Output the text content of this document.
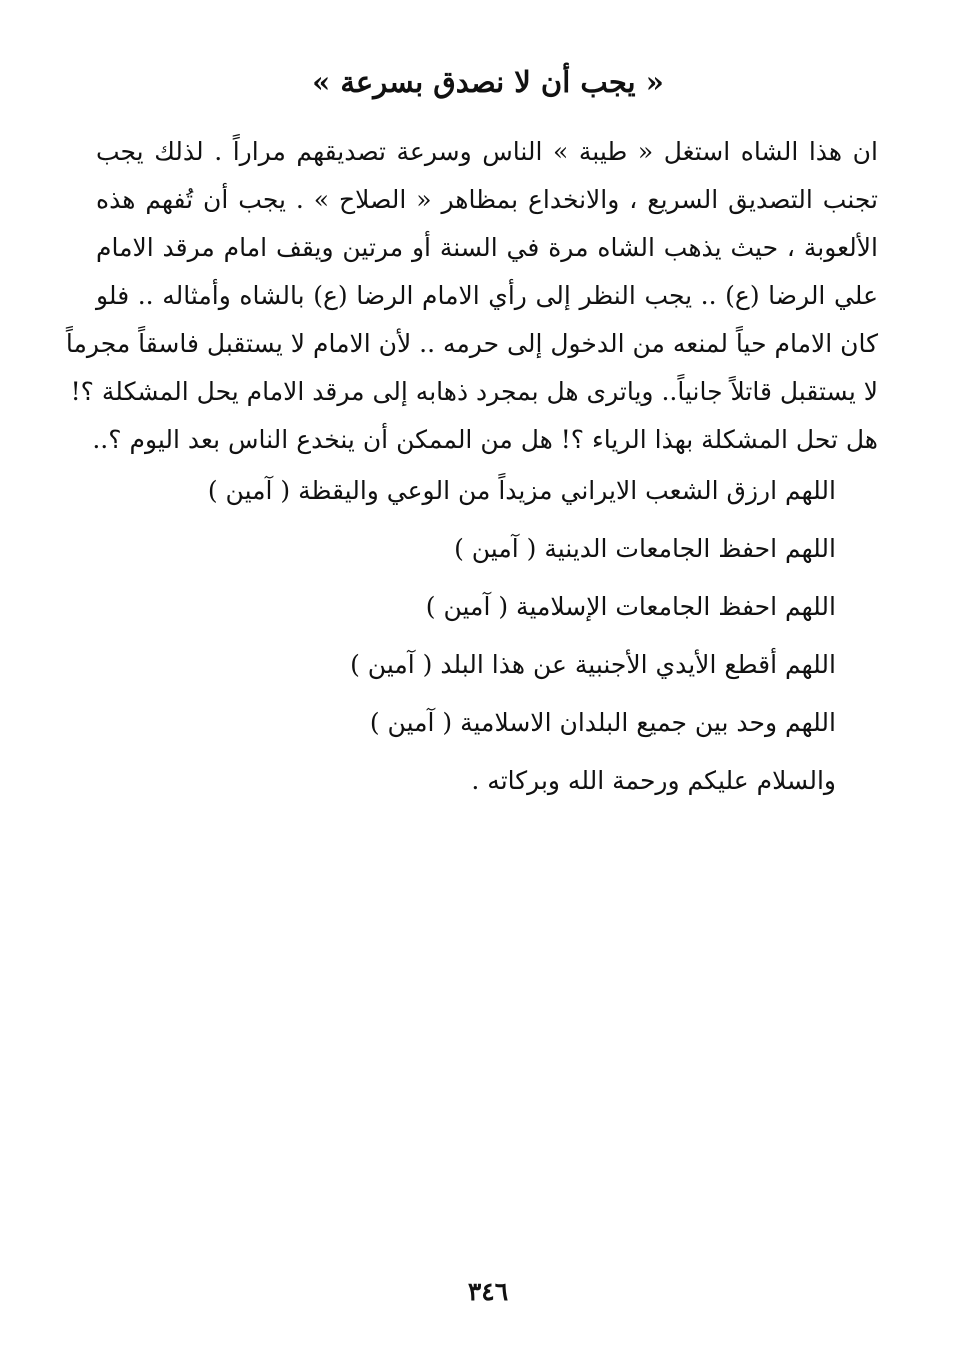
« يجب أن لا نصدق بسرعة »
ان هذا الشاه استغل « طيبة » الناس وسرعة تصديقهم مراراً . لذلك يجب
تجنب التصديق السريع ، والانخداع بمظاهر « الصلاح » . يجب أن تُفهم هذه
الألعوبة ، حيث يذهب الشاه مرة في السنة أو مرتين ويقف امام مرقد الامام
علي الرضا (ع) .. يجب النظر إلى رأي الامام الرضا (ع) بالشاه وأمثاله .. فلو
كان الامام حياً لمنعه من الدخول إلى حرمه .. لأن الامام لا يستقبل فاسقاً مجرماً
لا يستقبل قاتلاً جانياً.. وياترى هل بمجرد ذهابه إلى مرقد الامام يحل المشكلة ؟!
هل تحل المشكلة بهذا الرياء ؟! هل من الممكن أن ينخدع الناس بعد اليوم ؟..
اللهم ارزق الشعب الايراني مزيداً من الوعي واليقظة ( آمين )
اللهم احفظ الجامعات الدينية ( آمين )
اللهم احفظ الجامعات الإسلامية ( آمين )
اللهم أقطع الأيدي الأجنبية عن هذا البلد ( آمين )
اللهم وحد بين جميع البلدان الاسلامية ( آمين )
والسلام عليكم ورحمة الله وبركاته .
٣٤٦
